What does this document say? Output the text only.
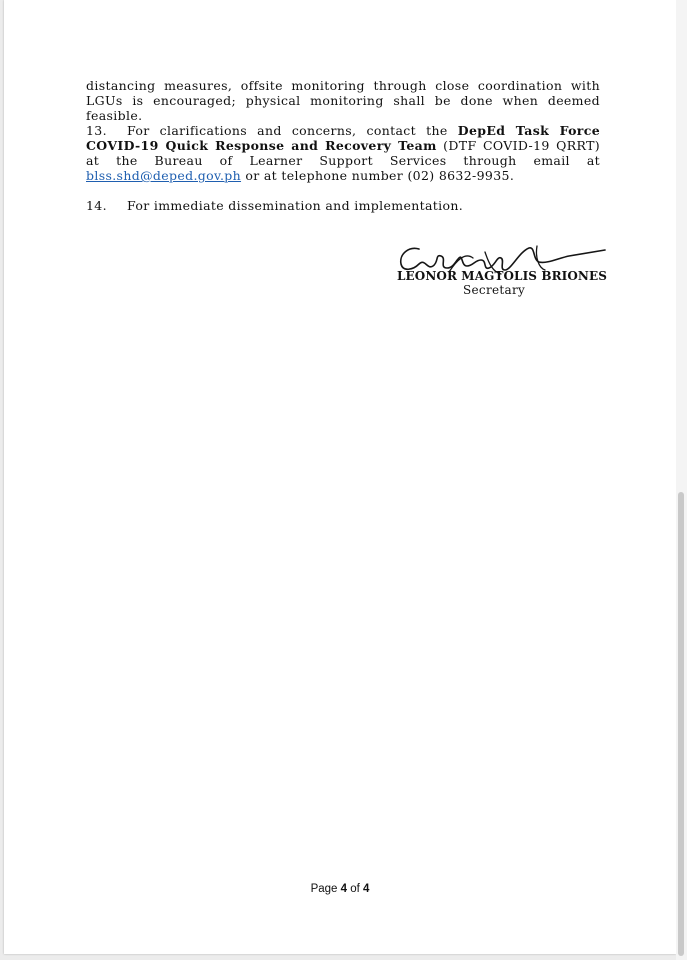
distancing measures, offsite monitoring through close coordination with LGUs is encouraged; physical monitoring shall be done when deemed feasible.

13. For clarifications and concerns, contact the DepEd Task Force COVID-19 Quick Response and Recovery Team (DTF COVID-19 QRRT) at the Bureau of Learner Support Services through email at blss.shd@deped.gov.ph or at telephone number (02) 8632-9935.

14. For immediate dissemination and implementation.

LEONOR MAGTOLIS BRIONES
Secretary
Page 4 of 4
